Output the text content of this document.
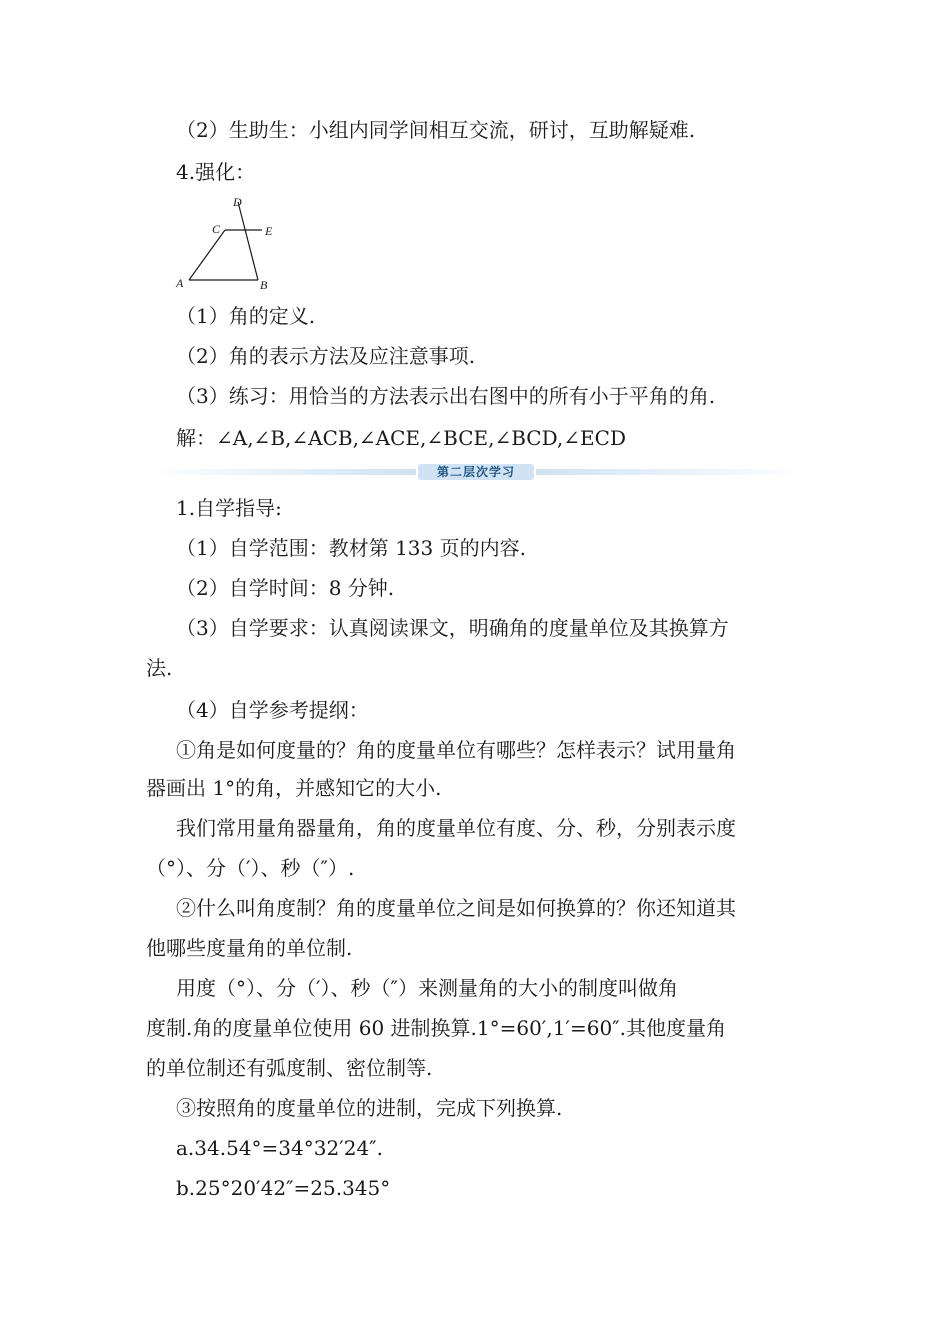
（2）生助生：小组内同学间相互交流，研讨，互助解疑难.
4.强化：
D
C	E
A	B
（1）角的定义.
（2）角的表示方法及应注意事项.
（3）练习：用恰当的方法表示出右图中的所有小于平角的角.
解：∠A,∠B,∠ACB,∠ACE,∠BCE,∠BCD,∠ECD
第二层次学习
1.自学指导:
（1）自学范围：教材第 133 页的内容.
（2）自学时间：8 分钟.
（3）自学要求：认真阅读课文，明确角的度量单位及其换算方
法.
（4）自学参考提纲：
①角是如何度量的？角的度量单位有哪些？怎样表示？试用量角
器画出 1°的角，并感知它的大小.
我们常用量角器量角，角的度量单位有度、分、秒，分别表示度
（°）、分（′）、秒（″）.
②什么叫角度制？角的度量单位之间是如何换算的？你还知道其
他哪些度量角的单位制.
用度（°）、分（′）、秒（″）来测量角的大小的制度叫做角
度制.角的度量单位使用 60 进制换算.1°=60′,1′=60″.其他度量角
的单位制还有弧度制、密位制等.
③按照角的度量单位的进制，完成下列换算.
a.34.54°=34°32′24″.
b.25°20′42″=25.345°
